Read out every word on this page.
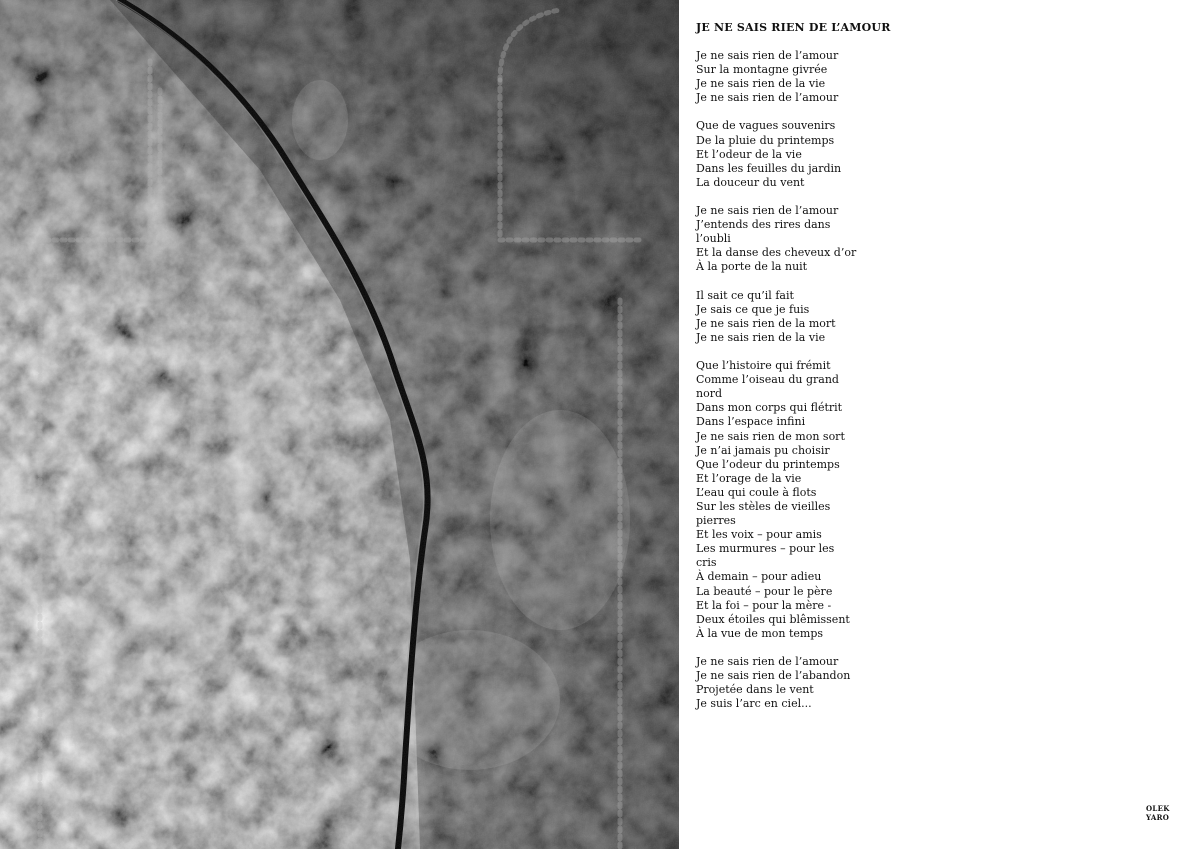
JE NE SAIS RIEN DE L’AMOUR
Je ne sais rien de l’amour
Sur la montagne givrée
Je ne sais rien de la vie
Je ne sais rien de l’amour
Que de vagues souvenirs
De la pluie du printemps
Et l’odeur de la vie
Dans les feuilles du jardin
La douceur du vent
Je ne sais rien de l’amour
J’entends des rires dans
l’oubli
Et la danse des cheveux d’or
À la porte de la nuit
Il sait ce qu’il fait
Je sais ce que je fuis
Je ne sais rien de la mort
Je ne sais rien de la vie
Que l’histoire qui frémit
Comme l’oiseau du grand
nord
Dans mon corps qui flétrit
Dans l’espace infini
Je ne sais rien de mon sort
Je n’ai jamais pu choisir
Que l’odeur du printemps
Et l’orage de la vie
L’eau qui coule à flots
Sur les stèles de vieilles
pierres
Et les voix – pour amis
Les murmures – pour les
cris
À demain – pour adieu
La beauté – pour le père
Et la foi – pour la mère -
Deux étoiles qui blêmissent
À la vue de mon temps
Je ne sais rien de l’amour
Je ne sais rien de l’abandon
Projetée dans le vent
Je suis l’arc en ciel...
OLEK
YARO
